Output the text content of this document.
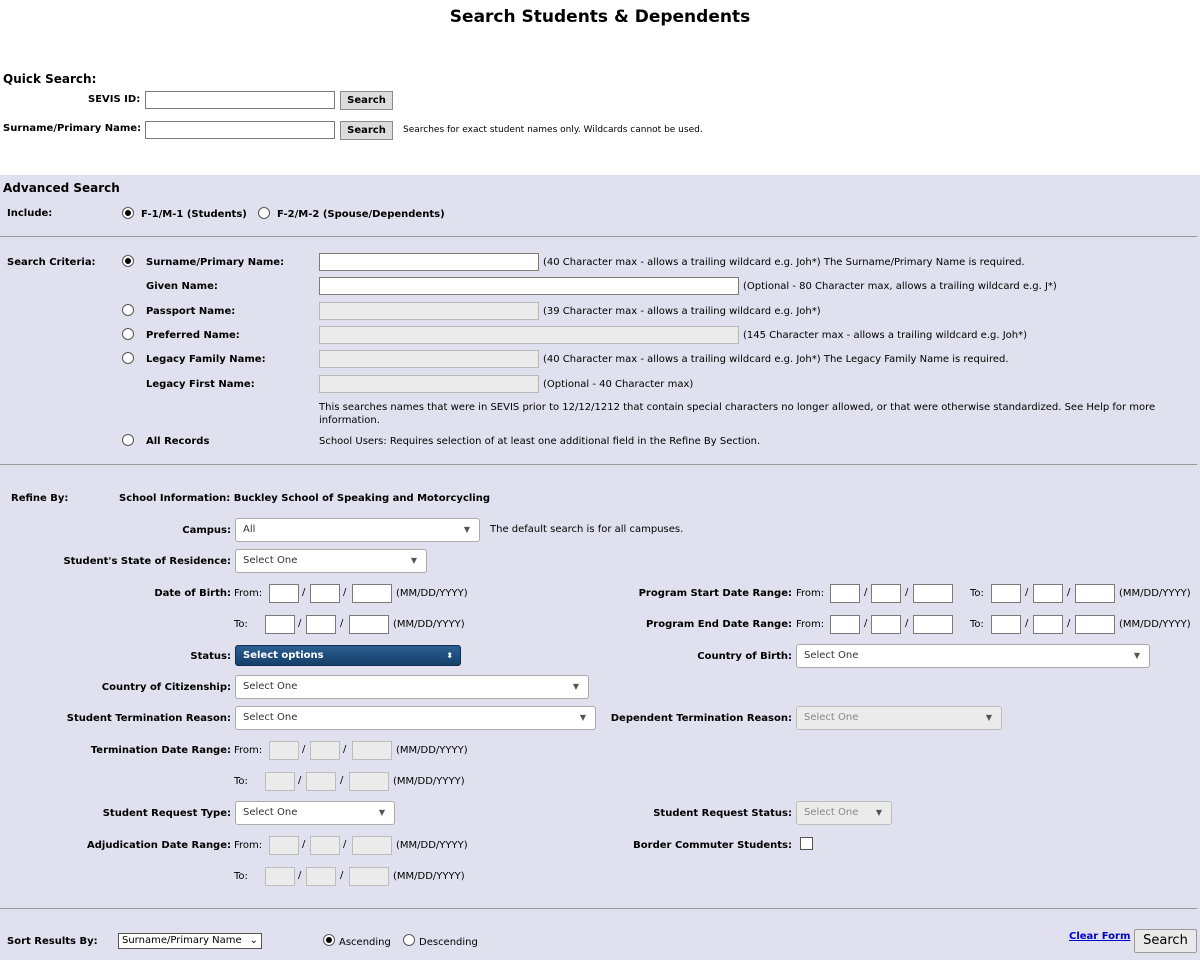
Search Students & Dependents
Quick Search:
SEVIS ID:	Search
Surname/Primary Name:	Search	Searches for exact student names only. Wildcards cannot be used.
Advanced Search
Include:	F-1/M-1 (Students)	F-2/M-2 (Spouse/Dependents)
Search Criteria:	Surname/Primary Name:	(40 Character max - allows a trailing wildcard e.g. Joh*) The Surname/Primary Name is required.
Given Name:	(Optional - 80 Character max, allows a trailing wildcard e.g. J*)
Passport Name:	(39 Character max - allows a trailing wildcard e.g. Joh*)
Preferred Name:	(145 Character max - allows a trailing wildcard e.g. Joh*)
Legacy Family Name:	(40 Character max - allows a trailing wildcard e.g. Joh*) The Legacy Family Name is required.
Legacy First Name:	(Optional - 40 Character max)
This searches names that were in SEVIS prior to 12/12/1212 that contain special characters no longer allowed, or that were otherwise standardized. See Help for more
information.
All Records	School Users: Requires selection of at least one additional field in the Refine By Section.
Refine By:	School Information: Buckley School of Speaking and Motorcycling
Campus:	All	▼ The default search is for all campuses.
Student's State of Residence:	Select One	▼
Date of Birth: From:	/	/	(MM/DD/YYYY)
To:	/	/	(MM/DD/YYYY)
Program Start Date Range: From:	/	/	To:	/	/	(MM/DD/YYYY)
Program End Date Range: From:	/	/	To:	/	/	(MM/DD/YYYY)
Status:	Select options	⬍	Country of Birth:	Select One	▼
Country of Citizenship:	Select One	▼
Student Termination Reason:	Select One	▼	Dependent Termination Reason:	Select One	▼
Termination Date Range: From:	/	/	(MM/DD/YYYY)
To:	/	/	(MM/DD/YYYY)
Student Request Type:	Select One	▼	Student Request Status:	Select One ▼
Adjudication Date Range: From:	/	/	(MM/DD/YYYY)	Border Commuter Students:
To:	/	/	(MM/DD/YYYY)
Sort Results By:	Surname/Primary Name ⌄	Ascending	Descending
Clear Form Search
